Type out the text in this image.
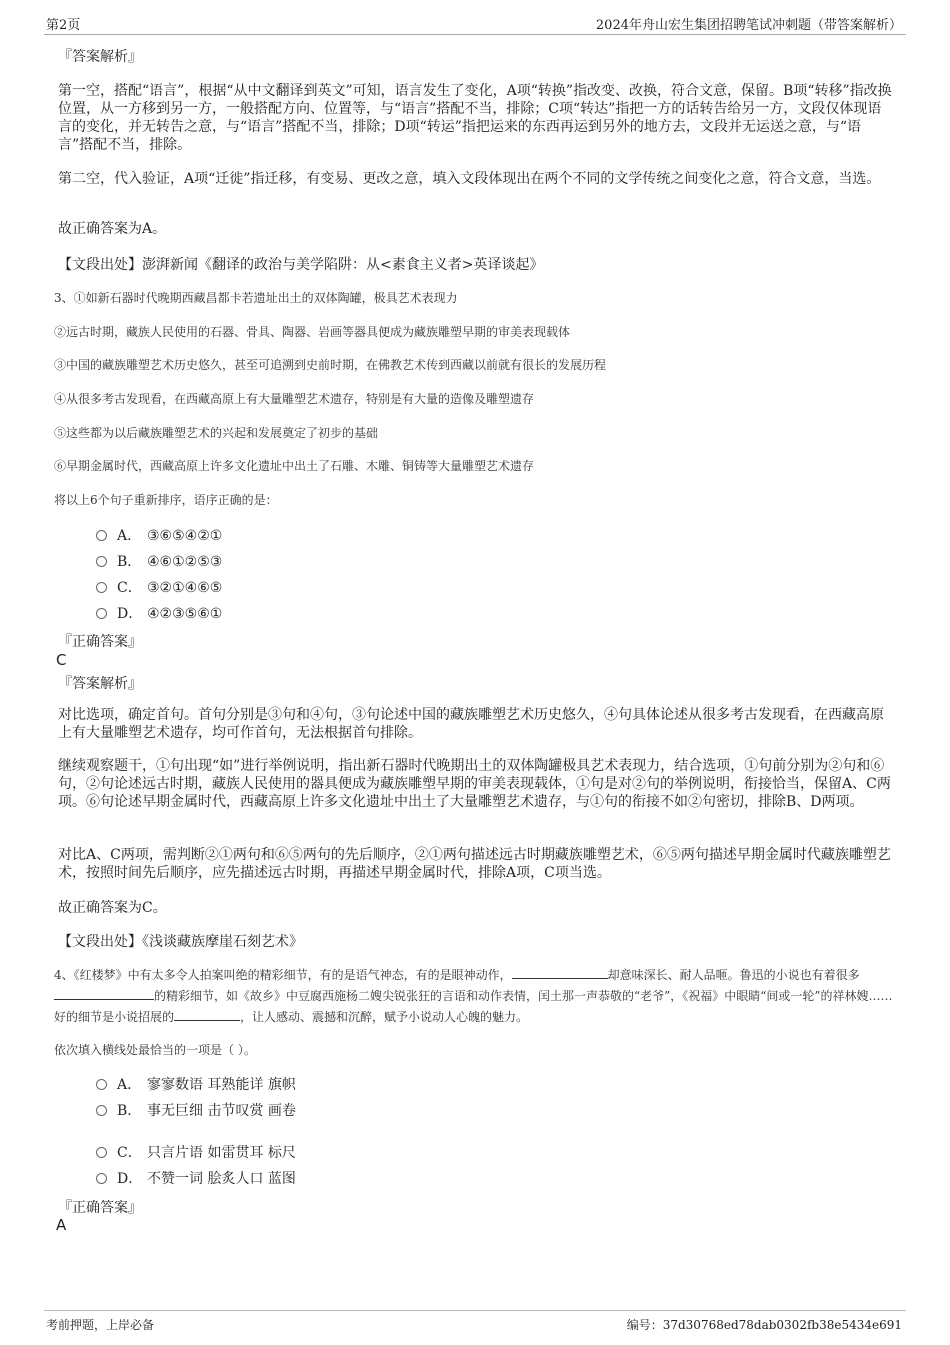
第2页	2024年舟山宏生集团招聘笔试冲刺题（带答案解析）
『答案解析』
第一空，搭配“语言”，根据“从中文翻译到英文”可知，语言发生了变化，A项“转换”指改变、改换，符合文意，保留。B项“转移”指改换位置，从一方移到另一方，一般搭配方向、位置等，与“语言”搭配不当，排除；C项“转达”指把一方的话转告给另一方，文段仅体现语言的变化，并无转告之意，与“语言”搭配不当，排除；D项“转运”指把运来的东西再运到另外的地方去，文段并无运送之意，与“语言”搭配不当，排除。
第二空，代入验证，A项“迁徙”指迁移，有变易、更改之意，填入文段体现出在两个不同的文学传统之间变化之意，符合文意，当选。
故正确答案为A。
【文段出处】澎湃新闻《翻译的政治与美学陷阱：从<素食主义者>英译谈起》
3、①如新石器时代晚期西藏昌都卡若遗址出土的双体陶罐，极具艺术表现力
②远古时期，藏族人民使用的石器、骨具、陶器、岩画等器具便成为藏族雕塑早期的审美表现载体
③中国的藏族雕塑艺术历史悠久，甚至可追溯到史前时期，在佛教艺术传到西藏以前就有很长的发展历程
④从很多考古发现看，在西藏高原上有大量雕塑艺术遗存，特别是有大量的造像及雕塑遗存
⑤这些都为以后藏族雕塑艺术的兴起和发展奠定了初步的基础
⑥早期金属时代，西藏高原上许多文化遗址中出土了石雕、木雕、铜铸等大量雕塑艺术遗存
将以上6个句子重新排序，语序正确的是：
A． ③⑥⑤④②①
B． ④⑥①②⑤③
C． ③②①④⑥⑤
D． ④②③⑤⑥①
『正确答案』
C
『答案解析』
对比选项，确定首句。首句分别是③句和④句，③句论述中国的藏族雕塑艺术历史悠久，④句具体论述从很多考古发现看，在西藏高原上有大量雕塑艺术遗存，均可作首句，无法根据首句排除。
继续观察题干，①句出现“如”进行举例说明，指出新石器时代晚期出土的双体陶罐极具艺术表现力，结合选项，①句前分别为②句和⑥句，②句论述远古时期，藏族人民使用的器具便成为藏族雕塑早期的审美表现载体，①句是对②句的举例说明，衔接恰当，保留A、C两项。⑥句论述早期金属时代，西藏高原上许多文化遗址中出土了大量雕塑艺术遗存，与①句的衔接不如②句密切，排除B、D两项。
对比A、C两项，需判断②①两句和⑥⑤两句的先后顺序，②①两句描述远古时期藏族雕塑艺术，⑥⑤两句描述早期金属时代藏族雕塑艺术，按照时间先后顺序，应先描述远古时期，再描述早期金属时代，排除A项，C项当选。
故正确答案为C。
【文段出处】《浅谈藏族摩崖石刻艺术》
4、《红楼梦》中有太多令人拍案叫绝的精彩细节，有的是语气神态，有的是眼神动作，	却意味深长、耐人品咂。鲁迅的小说也有着很多的精彩细节，如《故乡》中豆腐西施杨二嫂尖锐张狂的言语和动作表情，闰土那一声恭敬的“老爷”，《祝福》中眼睛“间或一轮”的祥林嫂……好的细节是小说招展的	，让人感动、震撼和沉醉，赋予小说动人心魄的魅力。
依次填入横线处最恰当的一项是（ ）。
A． 寥寥数语 耳熟能详 旗帜
B． 事无巨细 击节叹赏 画卷
C． 只言片语 如雷贯耳 标尺
D． 不赞一词 脍炙人口 蓝图
『正确答案』
A
考前押题，上岸必备	编号：37d30768ed78dab0302fb38e5434e691
